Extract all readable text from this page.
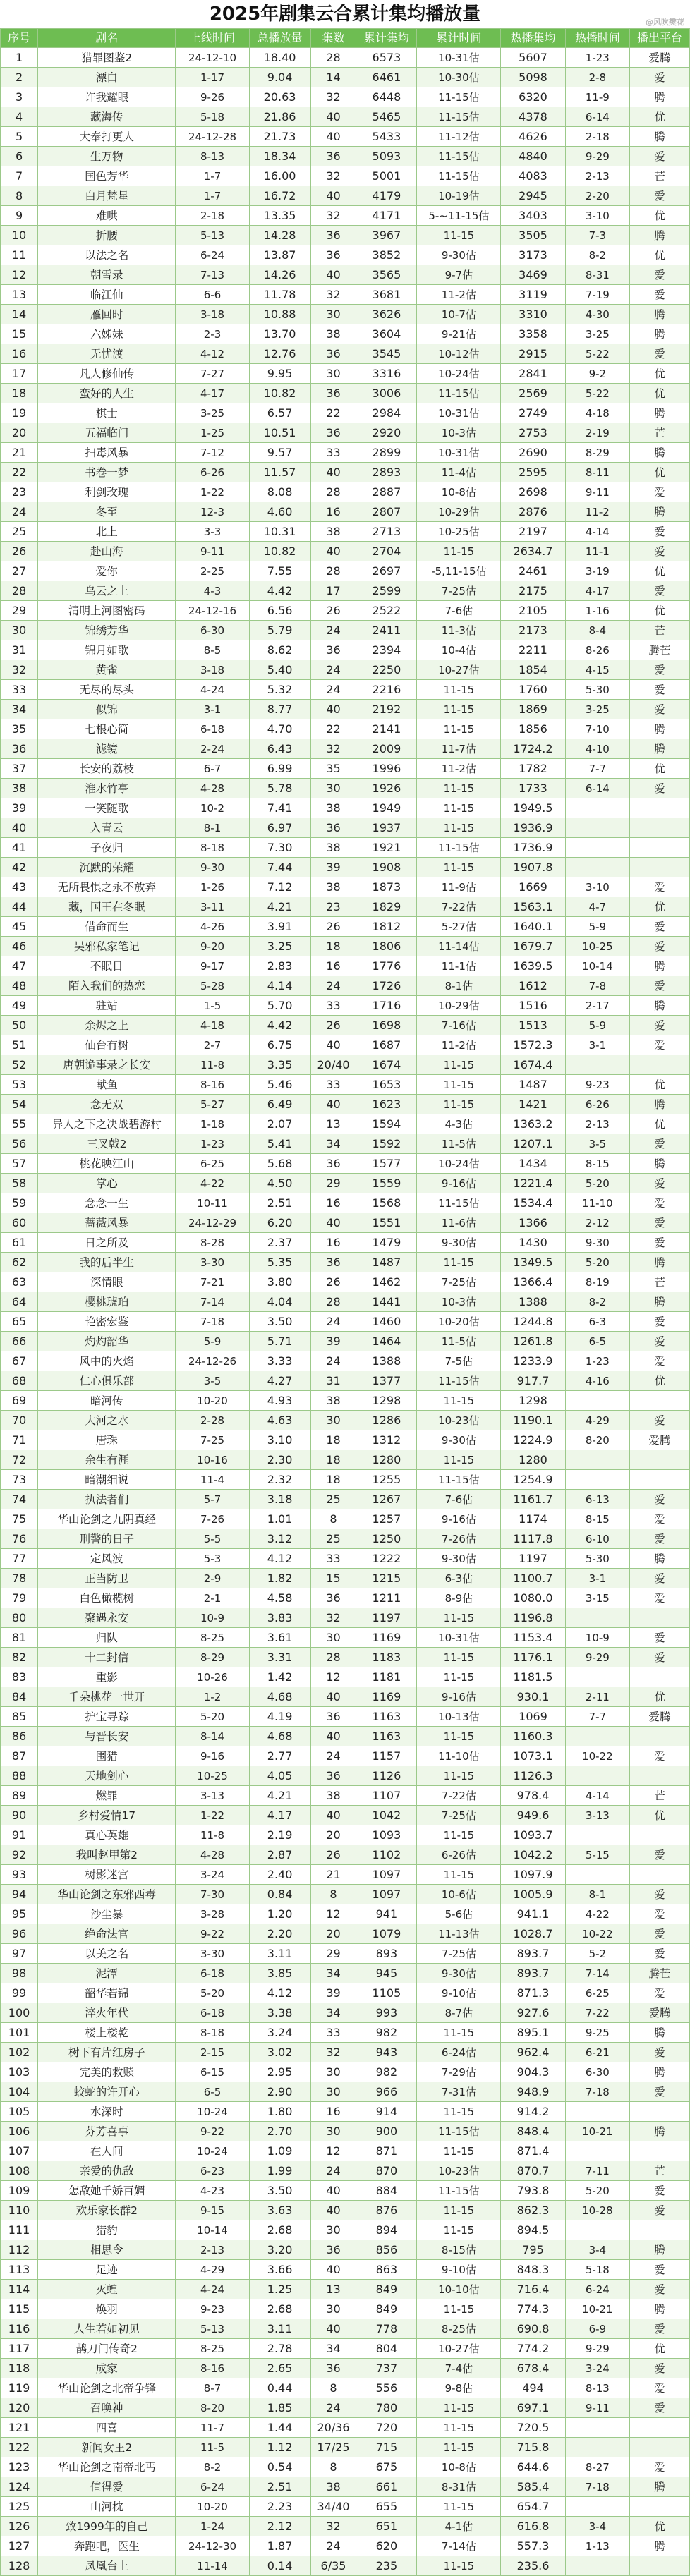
2025年剧集云合累计集均播放量	@风吹樊花
序号	剧名	上线时间	总播放量	集数	累计集均	累计时间	热播集均	热播时间	播出平台
1	猎罪图鉴2	24-12-10	18.40	28	6573	10-31估	5607	1-23	爱腾
2	漂白	1-17	9.04	14	6461	10-30估	5098	2-8	爱
3	许我耀眼	9-26	20.63	32	6448	11-15估	6320	11-9	腾
4	藏海传	5-18	21.86	40	5465	11-15估	4378	6-14	优
5	大奉打更人	24-12-28	21.73	40	5433	11-12估	4626	2-18	腾
6	生万物	8-13	18.34	36	5093	11-15估	4840	9-29	爱
7	国色芳华	1-7	16.00	32	5001	11-15估	4083	2-13	芒
8	白月梵星	1-7	16.72	40	4179	10-19估	2945	2-20	爱
9	难哄	2-18	13.35	32	4171	5-~11-15估	3403	3-10	优
10	折腰	5-13	14.28	36	3967	11-15	3505	7-3	腾
11	以法之名	6-24	13.87	36	3852	9-30估	3173	8-2	优
12	朝雪录	7-13	14.26	40	3565	9-7估	3469	8-31	爱
13	临江仙	6-6	11.78	32	3681	11-2估	3119	7-19	爱
14	雁回时	3-18	10.88	30	3626	10-7估	3310	4-30	腾
15	六姊妹	2-3	13.70	38	3604	9-21估	3358	3-25	腾
16	无忧渡	4-12	12.76	36	3545	10-12估	2915	5-22	爱
17	凡人修仙传	7-27	9.95	30	3316	10-24估	2841	9-2	优
18	蛮好的人生	4-17	10.82	36	3006	11-15估	2569	5-22	优
19	棋士	3-25	6.57	22	2984	10-31估	2749	4-18	腾
20	五福临门	1-25	10.51	36	2920	10-3估	2753	2-19	芒
21	扫毒风暴	7-12	9.57	33	2899	10-31估	2690	8-29	腾
22	书卷一梦	6-26	11.57	40	2893	11-4估	2595	8-11	优
23	利剑玫瑰	1-22	8.08	28	2887	10-8估	2698	9-11	爱
24	冬至	12-3	4.60	16	2807	10-29估	2876	11-2	腾
25	北上	3-3	10.31	38	2713	10-25估	2197	4-14	爱
26	赴山海	9-11	10.82	40	2704	11-15	2634.7	11-1	爱
27	爱你	2-25	7.55	28	2697	-5,11-15估	2461	3-19	优
28	乌云之上	4-3	4.42	17	2599	7-25估	2175	4-17	爱
29	清明上河图密码	24-12-16	6.56	26	2522	7-6估	2105	1-16	优
30	锦绣芳华	6-30	5.79	24	2411	11-3估	2173	8-4	芒
31	锦月如歌	8-5	8.62	36	2394	10-4估	2211	8-26	腾芒
32	黄雀	3-18	5.40	24	2250	10-27估	1854	4-15	爱
33	无尽的尽头	4-24	5.32	24	2216	11-15	1760	5-30	爱
34	似锦	3-1	8.77	40	2192	11-15	1869	3-25	爱
35	七根心简	6-18	4.70	22	2141	11-15	1856	7-10	腾
36	滤镜	2-24	6.43	32	2009	11-7估	1724.2	4-10	腾
37	长安的荔枝	6-7	6.99	35	1996	11-2估	1782	7-7	优
38	淮水竹亭	4-28	5.78	30	1926	11-15	1733	6-14	爱
39	一笑随歌	10-2	7.41	38	1949	11-15	1949.5		
40	入青云	8-1	6.97	36	1937	11-15	1936.9		
41	子夜归	8-18	7.30	38	1921	11-15估	1736.9		
42	沉默的荣耀	9-30	7.44	39	1908	11-15	1907.8		
43	无所畏惧之永不放弃	1-26	7.12	38	1873	11-9估	1669	3-10	爱
44	藏，国王在冬眠	3-11	4.21	23	1829	7-22估	1563.1	4-7	优
45	借命而生	4-26	3.91	26	1812	5-27估	1640.1	5-9	爱
46	吴邪私家笔记	9-20	3.25	18	1806	11-14估	1679.7	10-25	爱
47	不眠日	9-17	2.83	16	1776	11-1估	1639.5	10-14	腾
48	陌入我们的热恋	5-28	4.14	24	1726	8-1估	1612	7-8	爱
49	驻站	1-5	5.70	33	1716	10-29估	1516	2-17	腾
50	余烬之上	4-18	4.42	26	1698	7-16估	1513	5-9	爱
51	仙台有树	2-7	6.75	40	1687	11-2估	1572.3	3-1	爱
52	唐朝诡事录之长安	11-8	3.35	20/40	1674	11-15	1674.4		
53	献鱼	8-16	5.46	33	1653	11-15	1487	9-23	优
54	念无双	5-27	6.49	40	1623	11-15	1421	6-26	腾
55	异人之下之决战碧游村	1-18	2.07	13	1594	4-3估	1363.2	2-13	优
56	三叉戟2	1-23	5.41	34	1592	11-5估	1207.1	3-5	爱
57	桃花映江山	6-25	5.68	36	1577	10-24估	1434	8-15	腾
58	掌心	4-22	4.50	29	1559	9-16估	1221.4	5-20	爱
59	念念一生	10-11	2.51	16	1568	11-15估	1534.4	11-10	爱
60	蔷薇风暴	24-12-29	6.20	40	1551	11-6估	1366	2-12	爱
61	日之所及	8-28	2.37	16	1479	9-30估	1430	9-30	爱
62	我的后半生	3-30	5.35	36	1487	11-15	1349.5	5-20	腾
63	深情眼	7-21	3.80	26	1462	7-25估	1366.4	8-19	芒
64	樱桃琥珀	7-14	4.04	28	1441	10-3估	1388	8-2	腾
65	艳密宏鉴	7-18	3.50	24	1460	10-20估	1244.8	6-3	爱
66	灼灼韶华	5-9	5.71	39	1464	11-5估	1261.8	6-5	爱
67	风中的火焰	24-12-26	3.33	24	1388	7-5估	1233.9	1-23	爱
68	仁心俱乐部	3-5	4.27	31	1377	11-15估	917.7	4-16	优
69	暗河传	10-20	4.93	38	1298	11-15	1298		
70	大河之水	2-28	4.63	30	1286	10-23估	1190.1	4-29	爱
71	唐珠	7-25	3.10	18	1312	9-30估	1224.9	8-20	爱腾
72	余生有涯	10-16	2.30	18	1280	11-15	1280		
73	暗潮细说	11-4	2.32	18	1255	11-15估	1254.9		
74	执法者们	5-7	3.18	25	1267	7-6估	1161.7	6-13	爱
75	华山论剑之九阴真经	7-26	1.01	8	1257	9-16估	1174	8-15	爱
76	刑警的日子	5-5	3.12	25	1250	7-26估	1117.8	6-10	爱
77	定风波	5-3	4.12	33	1222	9-30估	1197	5-30	腾
78	正当防卫	2-9	1.82	15	1215	6-3估	1100.7	3-1	爱
79	白色橄榄树	2-1	4.58	36	1211	8-9估	1080.0	3-15	爱
80	聚遇永安	10-9	3.83	32	1197	11-15	1196.8		
81	归队	8-25	3.61	30	1169	10-31估	1153.4	10-9	爱
82	十二封信	8-29	3.31	28	1183	11-15	1176.1	9-29	爱
83	重影	10-26	1.42	12	1181	11-15	1181.5		
84	千朵桃花一世开	1-2	4.68	40	1169	9-16估	930.1	2-11	优
85	护宝寻踪	5-20	4.19	36	1163	10-13估	1069	7-7	爱腾
86	与晋长安	8-14	4.68	40	1163	11-15	1160.3		
87	围猎	9-16	2.77	24	1157	11-10估	1073.1	10-22	爱
88	天地剑心	10-25	4.05	36	1126	11-15	1126.3		
89	燃罪	3-13	4.21	38	1107	7-22估	978.4	4-14	芒
90	乡村爱情17	1-22	4.17	40	1042	7-25估	949.6	3-13	优
91	真心英雄	11-8	2.19	20	1093	11-15	1093.7		
92	我叫赵甲第2	4-28	2.87	26	1102	6-26估	1042.2	5-15	爱
93	树影迷宫	3-24	2.40	21	1097	11-15	1097.9		
94	华山论剑之东邪西毒	7-30	0.84	8	1097	10-6估	1005.9	8-1	爱
95	沙尘暴	3-28	1.20	12	941	5-6估	941.1	4-22	爱
96	绝命法官	9-22	2.20	20	1079	11-13估	1028.7	10-22	爱
97	以美之名	3-30	3.11	29	893	7-25估	893.7	5-2	爱
98	泥潭	6-18	3.85	34	945	9-30估	893.7	7-14	腾芒
99	韶华若锦	5-20	4.12	39	1105	9-10估	871.3	6-25	爱
100	淬火年代	6-18	3.38	34	993	8-7估	927.6	7-22	爱腾
101	楼上楼乾	8-18	3.24	33	982	11-15	895.1	9-25	腾
102	树下有片红房子	2-15	3.02	32	943	6-24估	962.4	6-21	爱
103	完美的救赎	6-15	2.95	30	982	7-29估	904.3	6-30	腾
104	蛟蛇的许开心	6-5	2.90	30	966	7-31估	948.9	7-18	爱
105	水深时	10-24	1.80	16	914	11-15	914.2		
106	芬芳喜事	9-22	2.70	30	900	11-15估	848.4	10-21	腾
107	在人间	10-24	1.09	12	871	11-15	871.4		
108	亲爱的仇敌	6-23	1.99	24	870	10-23估	870.7	7-11	芒
109	怎敌她千娇百媚	4-23	3.50	40	884	11-15估	793.8	5-20	爱
110	欢乐家长群2	9-15	3.63	40	876	11-15	862.3	10-28	爱
111	猎豹	10-14	2.68	30	894	11-15	894.5		
112	相思令	2-13	3.20	36	856	8-15估	795	3-4	腾
113	足迹	4-29	3.66	40	863	9-10估	848.3	5-18	爱
114	灭蝗	4-24	1.25	13	849	10-10估	716.4	6-24	爱
115	焕羽	9-23	2.68	30	849	11-15	774.3	10-21	腾
116	人生若如初见	5-13	3.11	40	778	8-25估	690.8	6-9	爱
117	鹊刀门传奇2	8-25	2.78	34	804	10-27估	774.2	9-29	优
118	成家	8-16	2.65	36	737	7-4估	678.4	3-24	爱
119	华山论剑之北帝争锋	8-7	0.44	8	556	9-8估	494	8-13	爱
120	召唤神	8-20	1.85	24	780	11-15	697.1	9-11	爱
121	四喜	11-7	1.44	20/36	720	11-15	720.5		
122	新闻女王2	11-5	1.12	17/25	715	11-15	715.8		
123	华山论剑之南帝北丐	8-2	0.54	8	675	10-8估	644.6	8-27	爱
124	值得爱	6-24	2.51	38	661	8-31估	585.4	7-18	腾
125	山河枕	10-20	2.23	34/40	655	11-15	654.7		
126	致1999年的自己	1-24	2.12	32	651	4-1估	616.8	3-4	优
127	奔跑吧，医生	24-12-30	1.87	24	620	7-14估	557.3	1-13	腾
128	凤凰台上	11-14	0.14	6/35	235	11-15	235.6		
